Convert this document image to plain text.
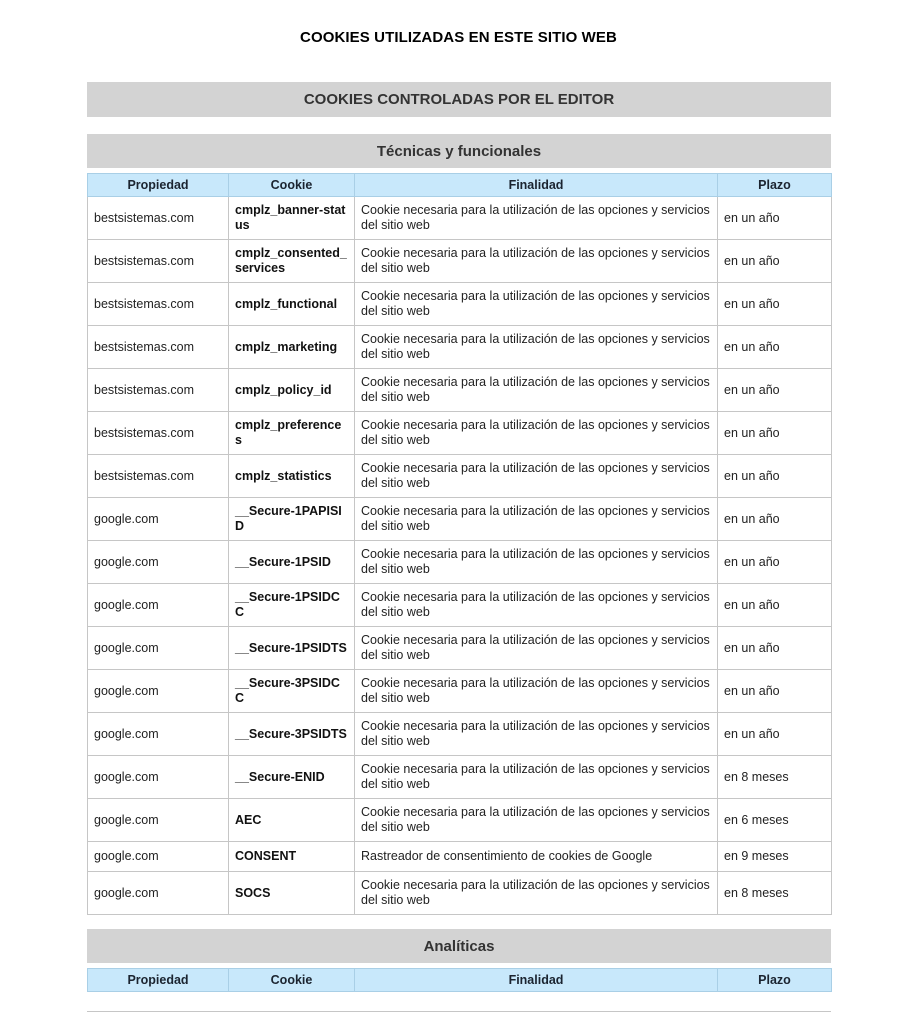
COOKIES UTILIZADAS EN ESTE SITIO WEB
COOKIES CONTROLADAS POR EL EDITOR
Técnicas y funcionales
Propiedad	Cookie	Finalidad	Plazo
bestsistemas.com	cmplz_banner-status	Cookie necesaria para la utilización de las opciones y servicios del sitio web	en un año
bestsistemas.com	cmplz_consented_services	Cookie necesaria para la utilización de las opciones y servicios del sitio web	en un año
bestsistemas.com	cmplz_functional	Cookie necesaria para la utilización de las opciones y servicios del sitio web	en un año
bestsistemas.com	cmplz_marketing	Cookie necesaria para la utilización de las opciones y servicios del sitio web	en un año
bestsistemas.com	cmplz_policy_id	Cookie necesaria para la utilización de las opciones y servicios del sitio web	en un año
bestsistemas.com	cmplz_preferences	Cookie necesaria para la utilización de las opciones y servicios del sitio web	en un año
bestsistemas.com	cmplz_statistics	Cookie necesaria para la utilización de las opciones y servicios del sitio web	en un año
google.com	__Secure-1PAPISID	Cookie necesaria para la utilización de las opciones y servicios del sitio web	en un año
google.com	__Secure-1PSID	Cookie necesaria para la utilización de las opciones y servicios del sitio web	en un año
google.com	__Secure-1PSIDCC	Cookie necesaria para la utilización de las opciones y servicios del sitio web	en un año
google.com	__Secure-1PSIDTS	Cookie necesaria para la utilización de las opciones y servicios del sitio web	en un año
google.com	__Secure-3PSIDCC	Cookie necesaria para la utilización de las opciones y servicios del sitio web	en un año
google.com	__Secure-3PSIDTS	Cookie necesaria para la utilización de las opciones y servicios del sitio web	en un año
google.com	__Secure-ENID	Cookie necesaria para la utilización de las opciones y servicios del sitio web	en 8 meses
google.com	AEC	Cookie necesaria para la utilización de las opciones y servicios del sitio web	en 6 meses
google.com	CONSENT	Rastreador de consentimiento de cookies de Google	en 9 meses
google.com	SOCS	Cookie necesaria para la utilización de las opciones y servicios del sitio web	en 8 meses
Analíticas
Propiedad	Cookie	Finalidad	Plazo
